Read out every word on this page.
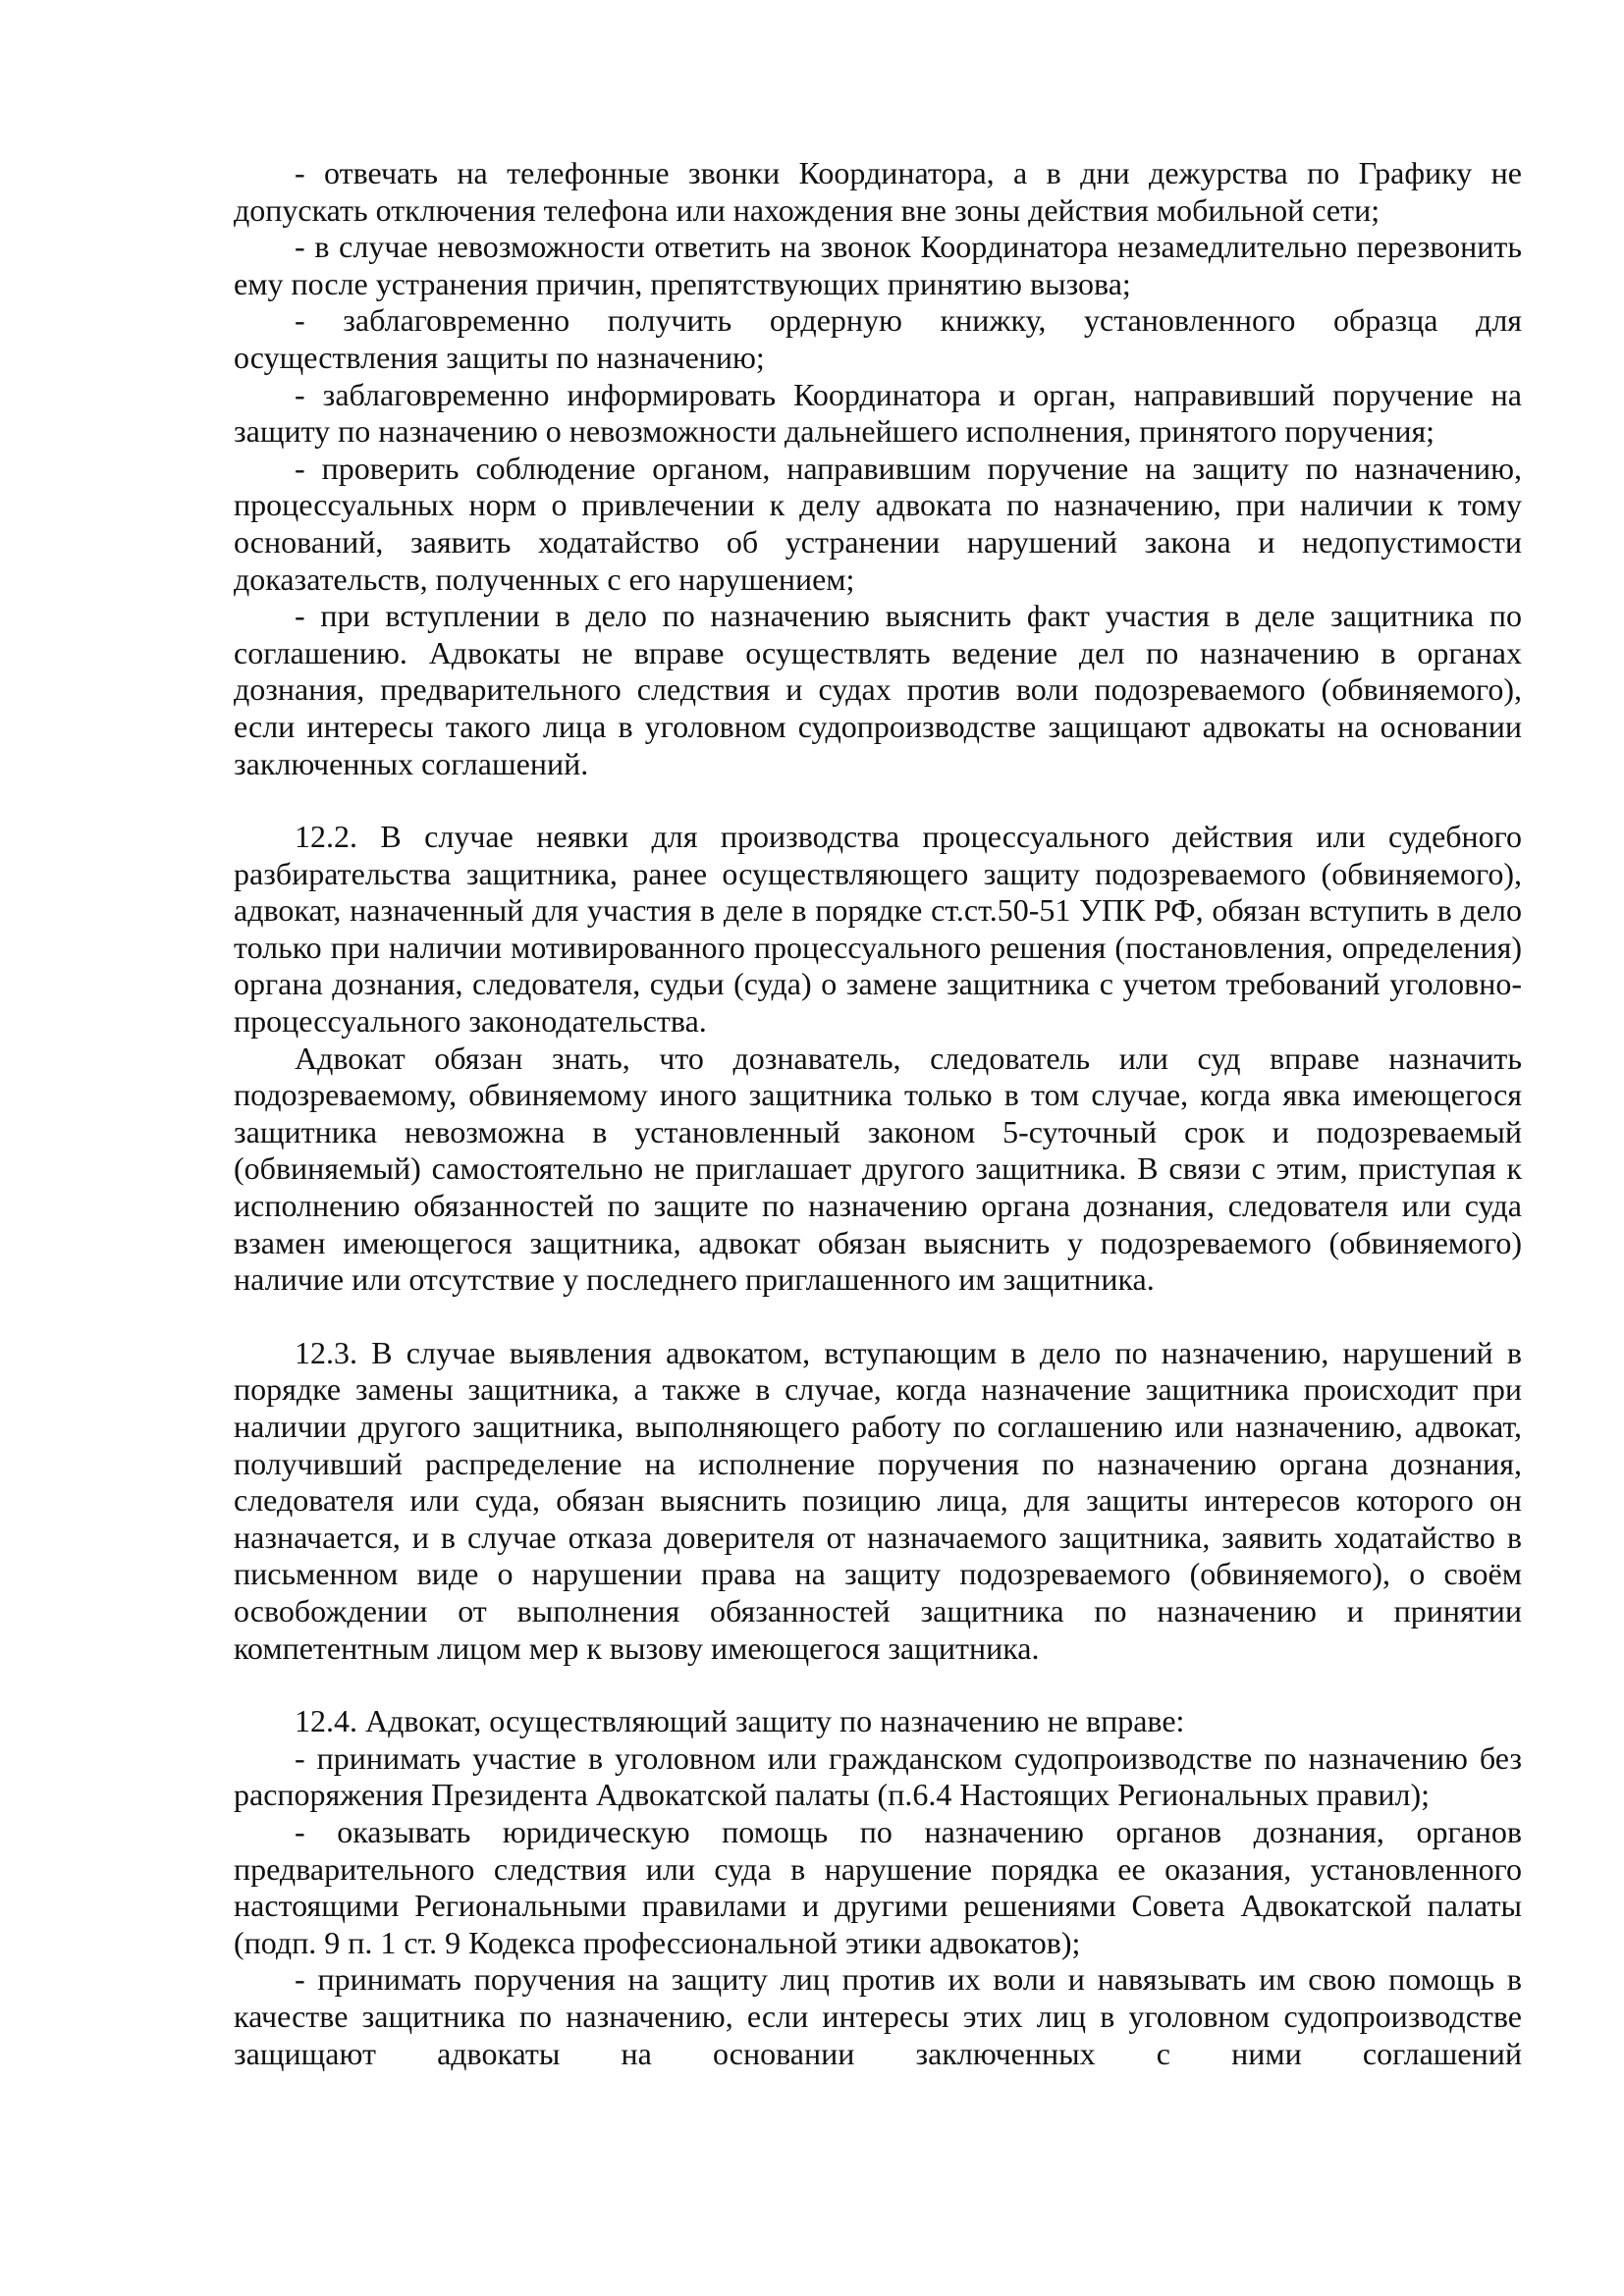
- отвечать на телефонные звонки Координатора, а в дни дежурства по Графику не допускать отключения телефона или нахождения вне зоны действия мобильной сети;

- в случае невозможности ответить на звонок Координатора незамедлительно перезвонить ему после устранения причин, препятствующих принятию вызова;

- заблаговременно получить ордерную книжку, установленного образца для осуществления защиты по назначению;

- заблаговременно информировать Координатора и орган, направивший поручение на защиту по назначению о невозможности дальнейшего исполнения, принятого поручения;

- проверить соблюдение органом, направившим поручение на защиту по назначению, процессуальных норм о привлечении к делу адвоката по назначению, при наличии к тому оснований, заявить ходатайство об устранении нарушений закона и недопустимости доказательств, полученных с его нарушением;

- при вступлении в дело по назначению выяснить факт участия в деле защитника по соглашению. Адвокаты не вправе осуществлять ведение дел по назначению в органах дознания, предварительного следствия и судах против воли подозреваемого (обвиняемого), если интересы такого лица в уголовном судопроизводстве защищают адвокаты на основании заключенных соглашений.

12.2. В случае неявки для производства процессуального действия или судебного разбирательства защитника, ранее осуществляющего защиту подозреваемого (обвиняемого), адвокат, назначенный для участия в деле в порядке ст.ст.50-51 УПК РФ, обязан вступить в дело только при наличии мотивированного процессуального решения (постановления, определения) органа дознания, следователя, судьи (суда) о замене защитника с учетом требований уголовно-процессуального законодательства.

Адвокат обязан знать, что дознаватель, следователь или суд вправе назначить подозреваемому, обвиняемому иного защитника только в том случае, когда явка имеющегося защитника невозможна в установленный законом 5-суточный срок и подозреваемый (обвиняемый) самостоятельно не приглашает другого защитника. В связи с этим, приступая к исполнению обязанностей по защите по назначению органа дознания, следователя или суда взамен имеющегося защитника, адвокат обязан выяснить у подозреваемого (обвиняемого) наличие или отсутствие у последнего приглашенного им защитника.

12.3. В случае выявления адвокатом, вступающим в дело по назначению, нарушений в порядке замены защитника, а также в случае, когда назначение защитника происходит при наличии другого защитника, выполняющего работу по соглашению или назначению, адвокат, получивший распределение на исполнение поручения по назначению органа дознания, следователя или суда, обязан выяснить позицию лица, для защиты интересов которого он назначается, и в случае отказа доверителя от назначаемого защитника, заявить ходатайство в письменном виде о нарушении права на защиту подозреваемого (обвиняемого), о своём освобождении от выполнения обязанностей защитника по назначению и принятии компетентным лицом мер к вызову имеющегося защитника.

12.4. Адвокат, осуществляющий защиту по назначению не вправе:

- принимать участие в уголовном или гражданском судопроизводстве по назначению без распоряжения Президента Адвокатской палаты (п.6.4 Настоящих Региональных правил);

- оказывать юридическую помощь по назначению органов дознания, органов предварительного следствия или суда в нарушение порядка ее оказания, установленного настоящими Региональными правилами и другими решениями Совета Адвокатской палаты (подп. 9 п. 1 ст. 9 Кодекса профессиональной этики адвокатов);

- принимать поручения на защиту лиц против их воли и навязывать им свою помощь в качестве защитника по назначению, если интересы этих лиц в уголовном судопроизводстве защищают адвокаты на основании заключенных с ними соглашений
